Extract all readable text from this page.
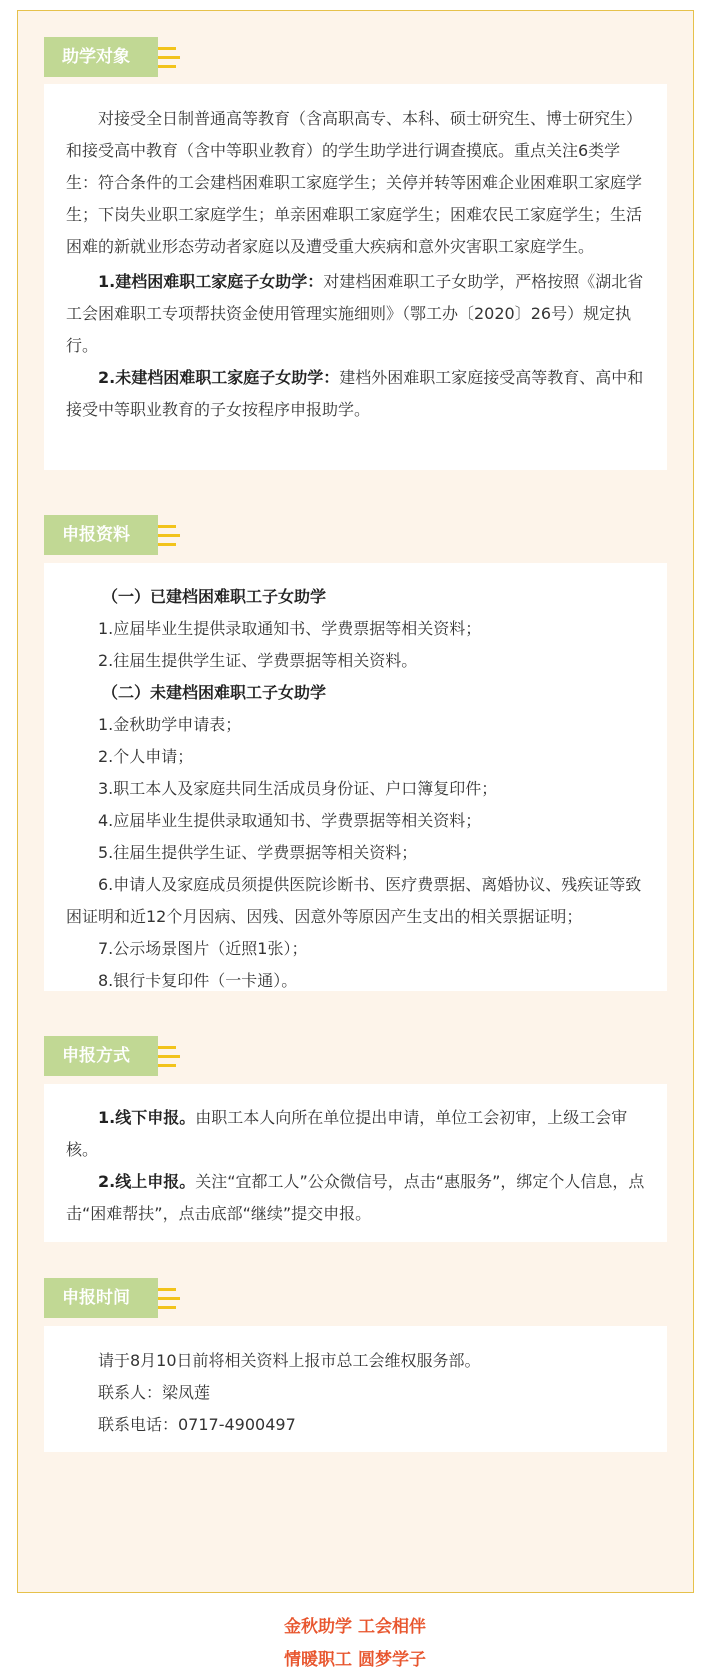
助学对象

对接受全日制普通高等教育（含高职高专、本科、硕士研究生、博士研究生）和接受高中教育（含中等职业教育）的学生助学进行调查摸底。重点关注6类学生：符合条件的工会建档困难职工家庭学生；关停并转等困难企业困难职工家庭学生；下岗失业职工家庭学生；单亲困难职工家庭学生；困难农民工家庭学生；生活困难的新就业形态劳动者家庭以及遭受重大疾病和意外灾害职工家庭学生。

1.建档困难职工家庭子女助学：对建档困难职工子女助学，严格按照《湖北省工会困难职工专项帮扶资金使用管理实施细则》（鄂工办〔2020〕26号）规定执行。

2.未建档困难职工家庭子女助学：建档外困难职工家庭接受高等教育、高中和接受中等职业教育的子女按程序申报助学。

申报资料

（一）已建档困难职工子女助学

1.应届毕业生提供录取通知书、学费票据等相关资料；

2.往届生提供学生证、学费票据等相关资料。

（二）未建档困难职工子女助学

1.金秋助学申请表；

2.个人申请；

3.职工本人及家庭共同生活成员身份证、户口簿复印件；

4.应届毕业生提供录取通知书、学费票据等相关资料；

5.往届生提供学生证、学费票据等相关资料；

6.申请人及家庭成员须提供医院诊断书、医疗费票据、离婚协议、残疾证等致困证明和近12个月因病、因残、因意外等原因产生支出的相关票据证明；

7.公示场景图片（近照1张）；

8.银行卡复印件（一卡通）。

申报方式

1.线下申报。由职工本人向所在单位提出申请，单位工会初审，上级工会审核。

2.线上申报。关注“宜都工人”公众微信号，点击“惠服务”，绑定个人信息，点击“困难帮扶”，点击底部“继续”提交申报。

申报时间

请于8月10日前将相关资料上报市总工会维权服务部。

联系人：梁凤莲

联系电话：0717-4900497

金秋助学 工会相伴
情暖职工 圆梦学子
